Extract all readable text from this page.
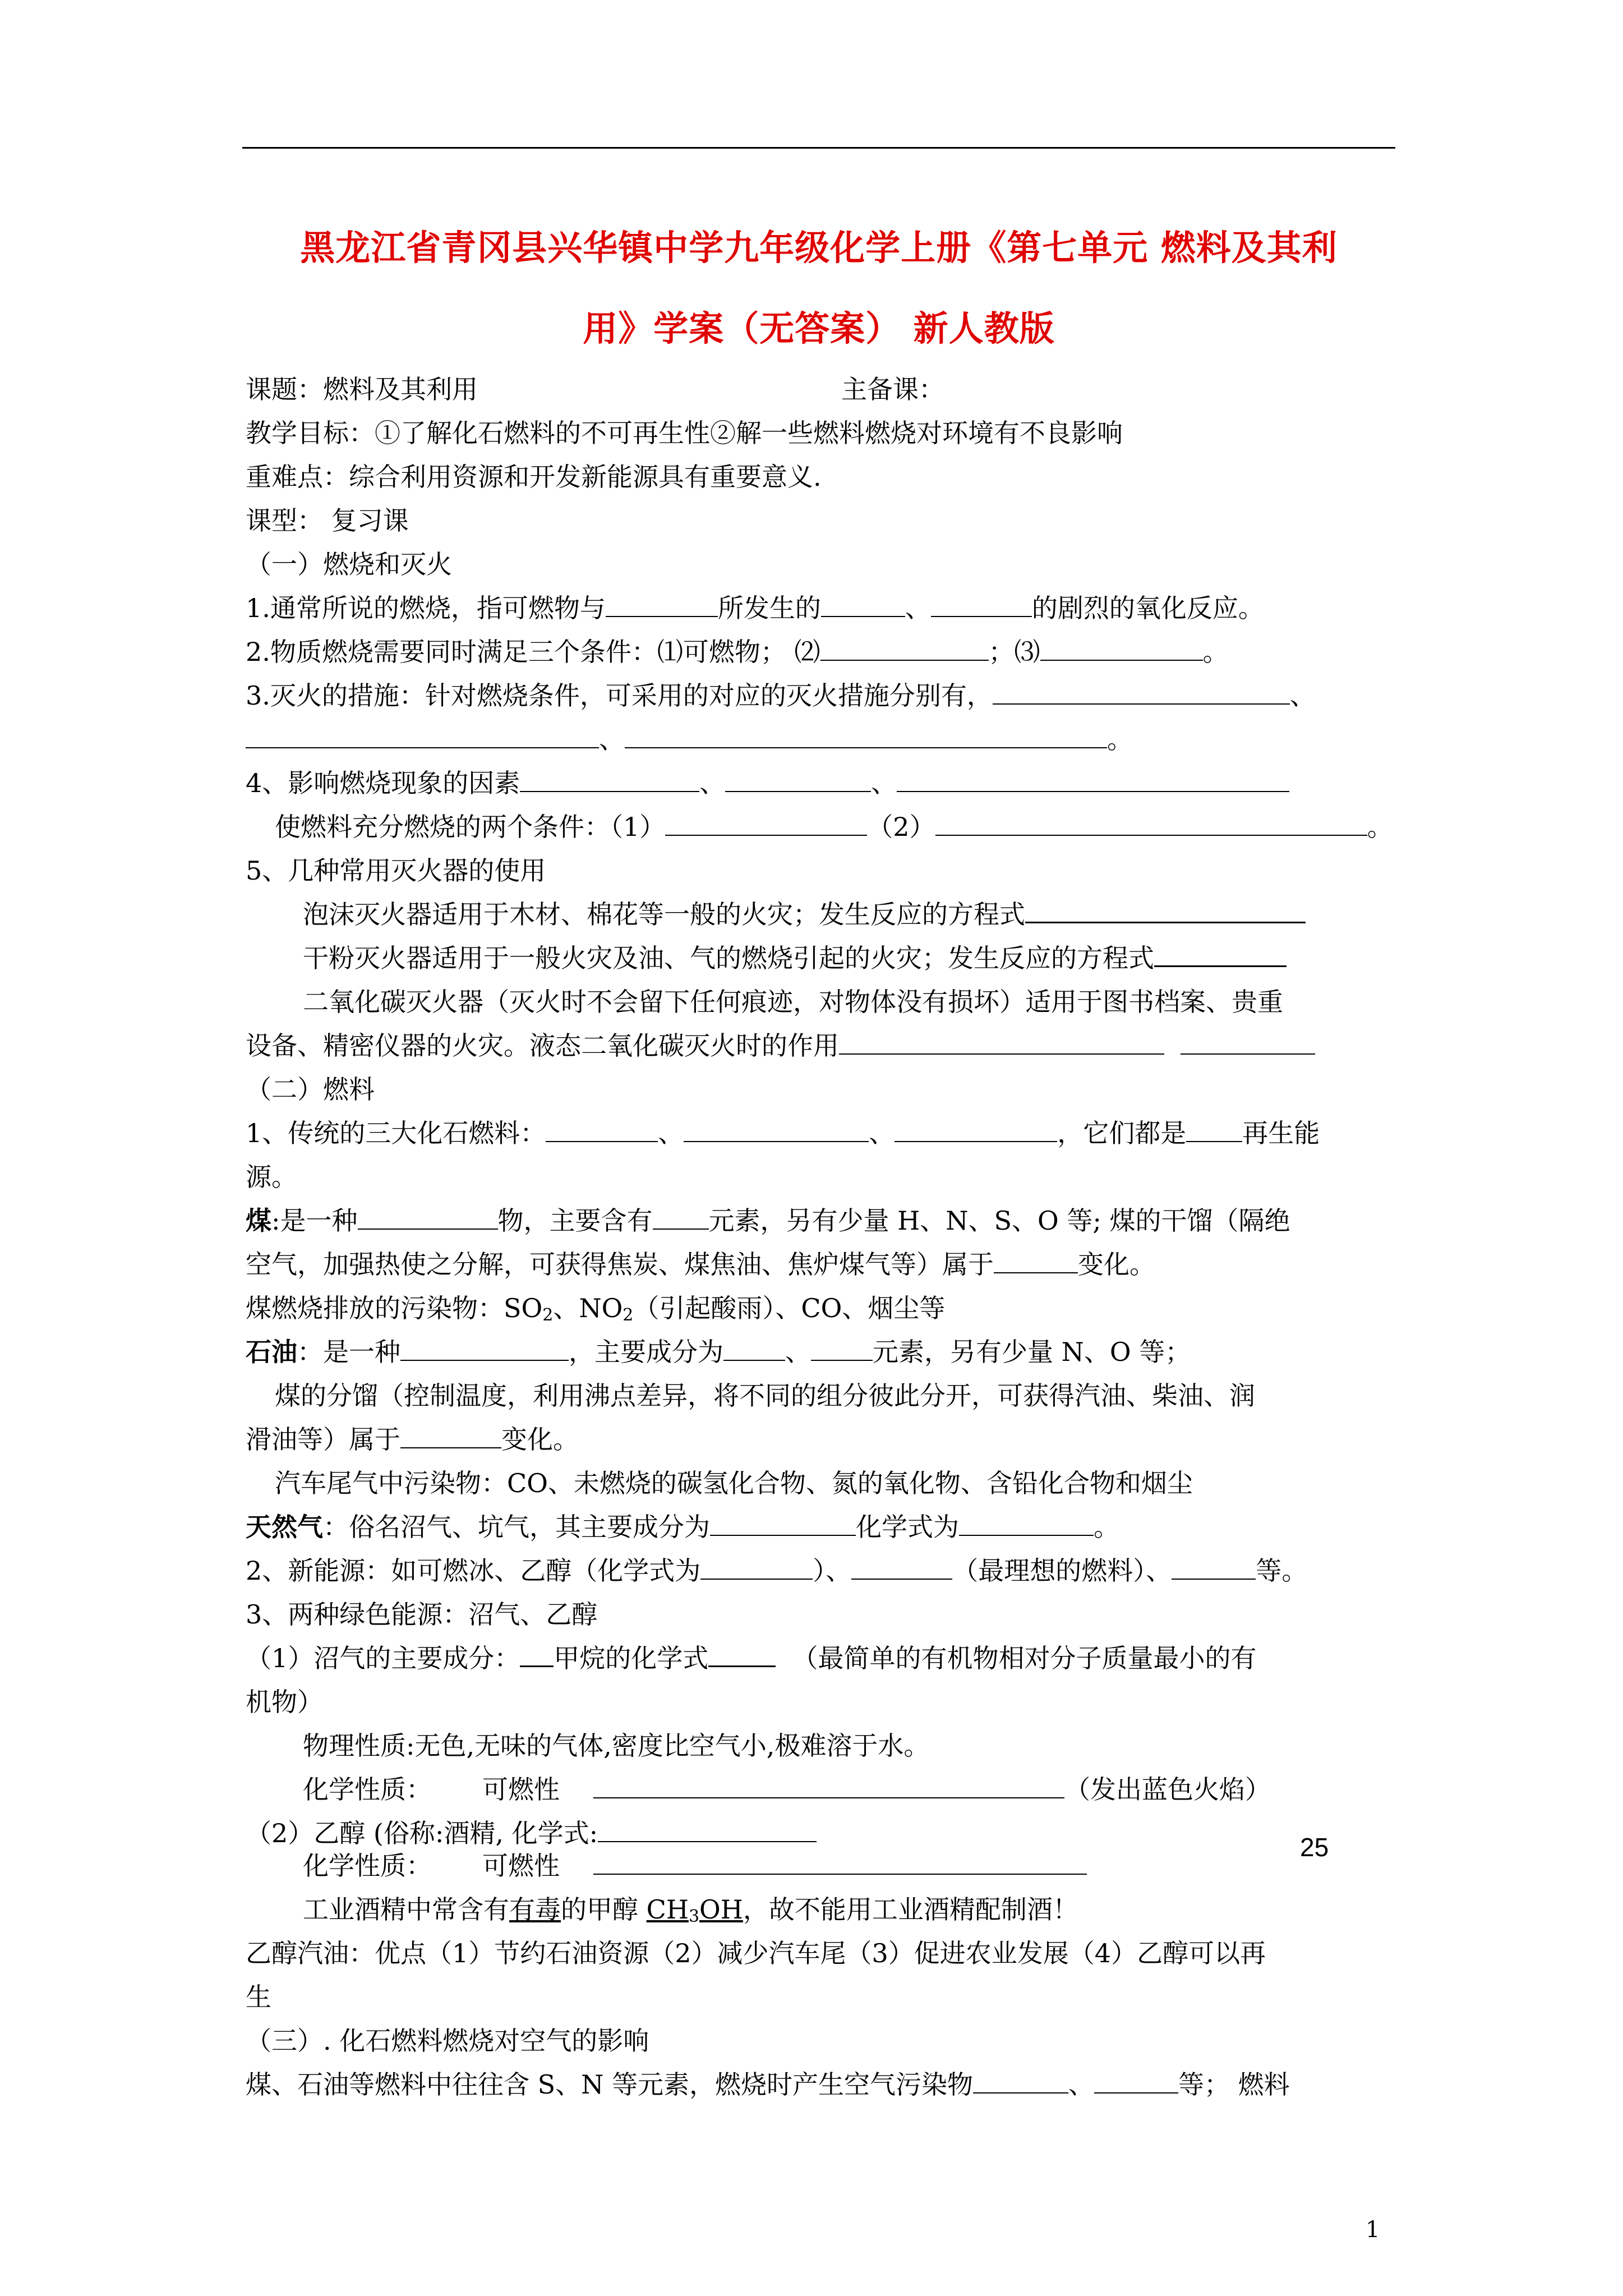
黑龙江省青冈县兴华镇中学九年级化学上册《第七单元 燃料及其利
用》学案（无答案） 新人教版
课题：燃料及其利用	主备课：
教学目标：①了解化石燃料的不可再生性②解一些燃料燃烧对环境有不良影响
重难点：综合利用资源和开发新能源具有重要意义.
课型： 复习课
（一）燃烧和灭火
1.通常所说的燃烧，指可燃物与	所发生的	、	的剧烈的氧化反应。
2.物质燃烧需要同时满足三个条件：⑴可燃物； ⑵	；⑶	。
3.灭火的措施：针对燃烧条件，可采用的对应的灭火措施分别有，	、
、	。
4、影响燃烧现象的因素	、	、
使燃料充分燃烧的两个条件：（1）	（2）	。
5、几种常用灭火器的使用
泡沫灭火器适用于木材、棉花等一般的火灾；发生反应的方程式
干粉灭火器适用于一般火灾及油、气的燃烧引起的火灾；发生反应的方程式
二氧化碳灭火器（灭火时不会留下任何痕迹，对物体没有损坏）适用于图书档案、贵重
设备、精密仪器的火灾。液态二氧化碳灭火时的作用
（二）燃料
1、传统的三大化石燃料：	、	、	，它们都是 再生能
源。
煤:是一种	物，主要含有 元素，另有少量 H、N、S、O 等; 煤的干馏（隔绝
空气，加强热使之分解，可获得焦炭、煤焦油、焦炉煤气等）属于	变化。
煤燃烧排放的污染物：$SO_2$、$NO_2$（引起酸雨）、CO、烟尘等
石油：是一种	，主要成分为 、 元素，另有少量 N、O 等；
煤的分馏（控制温度，利用沸点差异，将不同的组分彼此分开，可获得汽油、柴油、润
滑油等）属于	变化。
汽车尾气中污染物：CO、未燃烧的碳氢化合物、氮的氧化物、含铅化合物和烟尘
天然气：俗名沼气、坑气，其主要成分为	化学式为	。
2、新能源：如可燃冰、乙醇（化学式为	）、	（最理想的燃料）、	等。
3、两种绿色能源：沼气、乙醇
（1）沼气的主要成分： 甲烷的化学式	（最简单的有机物相对分子质量最小的有
机物）
物理性质:无色,无味的气体,密度比空气小,极难溶于水。
化学性质： 可燃性	（发出蓝色火焰）
（2）乙醇 (俗称:酒精, 化学式:
化学性质： 可燃性
25
工业酒精中常含有有毒的甲醇 $CH_3OH$，故不能用工业酒精配制酒！
乙醇汽油：优点（1）节约石油资源（2）减少汽车尾（3）促进农业发展（4）乙醇可以再
生
（三）. 化石燃料燃烧对空气的影响
煤、石油等燃料中往往含 S、N 等元素，燃烧时产生空气污染物	、	等； 燃料
1
